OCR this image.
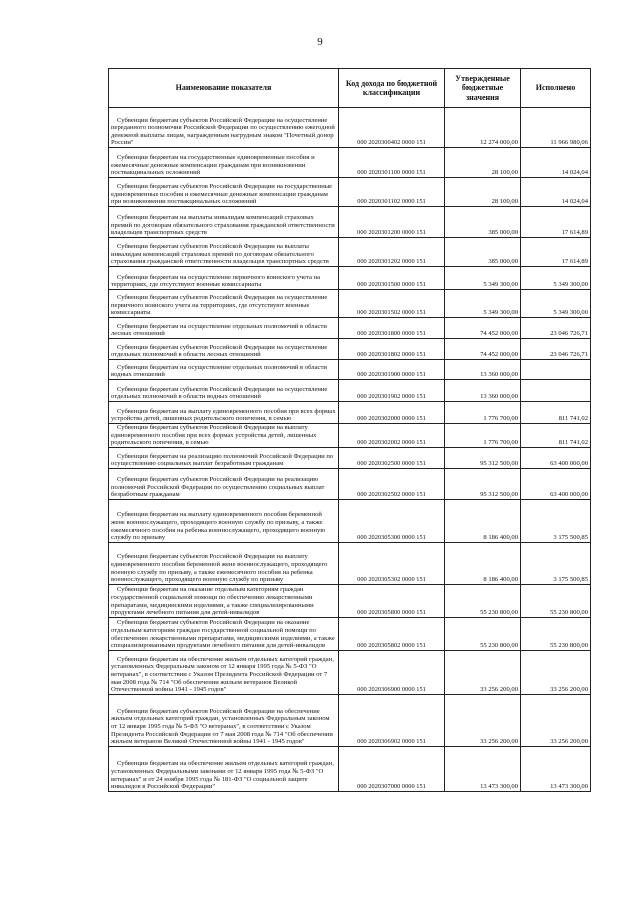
9
Наименование показателя	Код дохода по бюджетной классификации	Утвержденные бюджетные значения	Исполнено
Субвенции бюджетам субъектов Российской Федерации на осуществление переданного полномочия Российской Федерации по осуществлению ежегодной денежной выплаты лицам, награжденным нагрудным знаком "Почетный донор России"	000 2020300402 0000 151	12 274 000,00	11 966 980,06
Субвенции бюджетам на государственные единовременные пособия и ежемесячные денежные компенсации гражданам при возникновении поствакцинальных осложнений	000 2020301100 0000 151	28 100,00	14 024,04
Субвенции бюджетам субъектов Российской Федерации на государственные единовременные пособия и ежемесячные денежные компенсации гражданам при возникновении поствакцинальных осложнений	000 2020301102 0000 151	28 100,00	14 024,04
Субвенции бюджетам на выплаты инвалидам компенсаций страховых премий по договорам обязательного страхования гражданской ответственности владельцев транспортных средств	000 2020301200 0000 151	385 000,00	17 614,89
Субвенции бюджетам субъектов Российской Федерации на выплаты инвалидам компенсаций страховых премий по договорам обязательного страхования гражданской ответственности владельцев транспортных средств	000 2020301202 0000 151	385 000,00	17 614,89
Субвенции бюджетам на осуществление первичного воинского учета на территориях, где отсутствуют военные комиссариаты	000 2020301500 0000 151	5 349 300,00	5 349 300,00
Субвенции бюджетам субъектов Российской Федерации на осуществление первичного воинского учета на территориях, где отсутствуют военные комиссариаты	000 2020301502 0000 151	5 349 300,00	5 349 300,00
Субвенции бюджетам на осуществление отдельных полномочий в области лесных отношений	000 2020301800 0000 151	74 452 000,00	23 046 726,71
Субвенции бюджетам субъектов Российской Федерации на осуществление отдельных полномочий в области лесных отношений	000 2020301802 0000 151	74 452 000,00	23 046 726,71
Субвенции бюджетам на осуществление отдельных полномочий в области водных отношений	000 2020301900 0000 151	13 360 000,00	
Субвенции бюджетам субъектов Российской Федерации на осуществление отдельных полномочий в области водных отношений	000 2020301902 0000 151	13 360 000,00	
Субвенции бюджетам на выплату единовременного пособия при всех формах устройства детей, лишенных родительского попечения, в семью	000 2020302000 0000 151	1 776 700,00	811 741,02
Субвенции бюджетам субъектов Российской Федерации на выплату единовременного пособия при всех формах устройства детей, лишенных родительского попечения, в семью	000 2020302002 0000 151	1 776 700,00	811 741,02
Субвенции бюджетам на реализацию полномочий Российской Федерации по осуществлению социальных выплат безработным гражданам	000 2020302500 0000 151	95 312 500,00	63 400 000,00
Субвенции бюджетам субъектов Российской Федерации на реализацию полномочий Российской Федерации по осуществлению социальных выплат безработным гражданам	000 2020302502 0000 151	95 312 500,00	63 400 000,00
Субвенции бюджетам на выплату единовременного пособия беременной жене военнослужащего, проходящего военную службу по призыву, а также ежемесячного пособия на ребенка военнослужащего, проходящего военную службу по призыву	000 2020305300 0000 151	8 186 400,00	3 175 500,85
Субвенции бюджетам субъектов Российской Федерации на выплату единовременного пособия беременной жене военнослужащего, проходящего военную службу по призыву, а также ежемесячного пособия на ребенка военнослужащего, проходящего военную службу по призыву	000 2020305302 0000 151	8 186 400,00	3 175 500,85
Субвенции бюджетам на оказание отдельным категориям граждан государственной социальной помощи по обеспечению лекарственными препаратами, медицинскими изделиями, а также специализированными продуктами лечебного питания для детей-инвалидов	000 2020305800 0000 151	55 230 800,00	55 230 800,00
Субвенции бюджетам субъектов Российской Федерации на оказание отдельным категориям граждан государственной социальной помощи по обеспечению лекарственными препаратами, медицинскими изделиями, а также специализированными продуктами лечебного питания для детей-инвалидов	000 2020305802 0000 151	55 230 800,00	55 230 800,00
Субвенции бюджетам на обеспечение жильем отдельных категорий граждан, установленных Федеральным законом от 12 января 1995 года № 5-ФЗ "О ветеранах", в соответствии с Указом Президента Российской Федерации от 7 мая 2008 года № 714 "Об обеспечении жильем ветеранов Великой Отечественной войны 1941 - 1945 годов"	000 2020306900 0000 151	33 256 200,00	33 256 200,00
Субвенции бюджетам субъектов Российской Федерации на обеспечение жильем отдельных категорий граждан, установленных Федеральным законом от 12 января 1995 года № 5-ФЗ "О ветеранах", в соответствии с Указом Президента Российской Федерации от 7 мая 2008 года № 714 "Об обеспечении жильем ветеранов Великой Отечественной войны 1941 - 1945 годов"	000 2020306902 0000 151	33 256 200,00	33 256 200,00
Субвенции бюджетам на обеспечение жильем отдельных категорий граждан, установленных Федеральными законами от 12 января 1995 года № 5-ФЗ "О ветеранах" и от 24 ноября 1995 года № 181-ФЗ "О социальной защите инвалидов в Российской Федерации"	000 2020307000 0000 151	13 473 300,00	13 473 300,00
